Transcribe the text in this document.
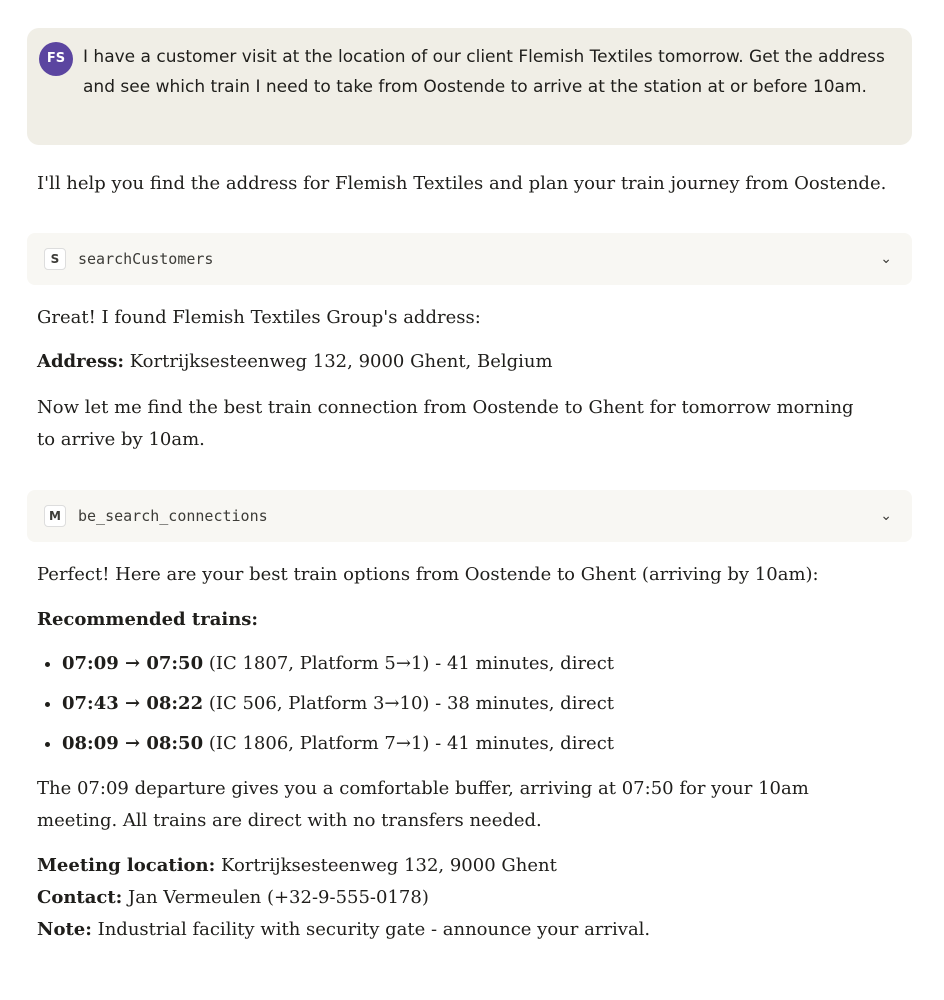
FS	I have a customer visit at the location of our client Flemish Textiles tomorrow. Get the address and see which train I need to take from Oostende to arrive at the station at or before 10am.

I'll help you find the address for Flemish Textiles and plan your train journey from Oostende.

S	searchCustomers	⌄

Great! I found Flemish Textiles Group's address:

Address: Kortrijksesteenweg 132, 9000 Ghent, Belgium

Now let me find the best train connection from Oostende to Ghent for tomorrow morning to arrive by 10am.

M	be_search_connections	⌄

Perfect! Here are your best train options from Oostende to Ghent (arriving by 10am):

Recommended trains:

• 07:09 → 07:50 (IC 1807, Platform 5→1) - 41 minutes, direct
• 07:43 → 08:22 (IC 506, Platform 3→10) - 38 minutes, direct
• 08:09 → 08:50 (IC 1806, Platform 7→1) - 41 minutes, direct

The 07:09 departure gives you a comfortable buffer, arriving at 07:50 for your 10am meeting. All trains are direct with no transfers needed.

Meeting location: Kortrijksesteenweg 132, 9000 Ghent

Contact: Jan Vermeulen (+32-9-555-0178)

Note: Industrial facility with security gate - announce your arrival.
